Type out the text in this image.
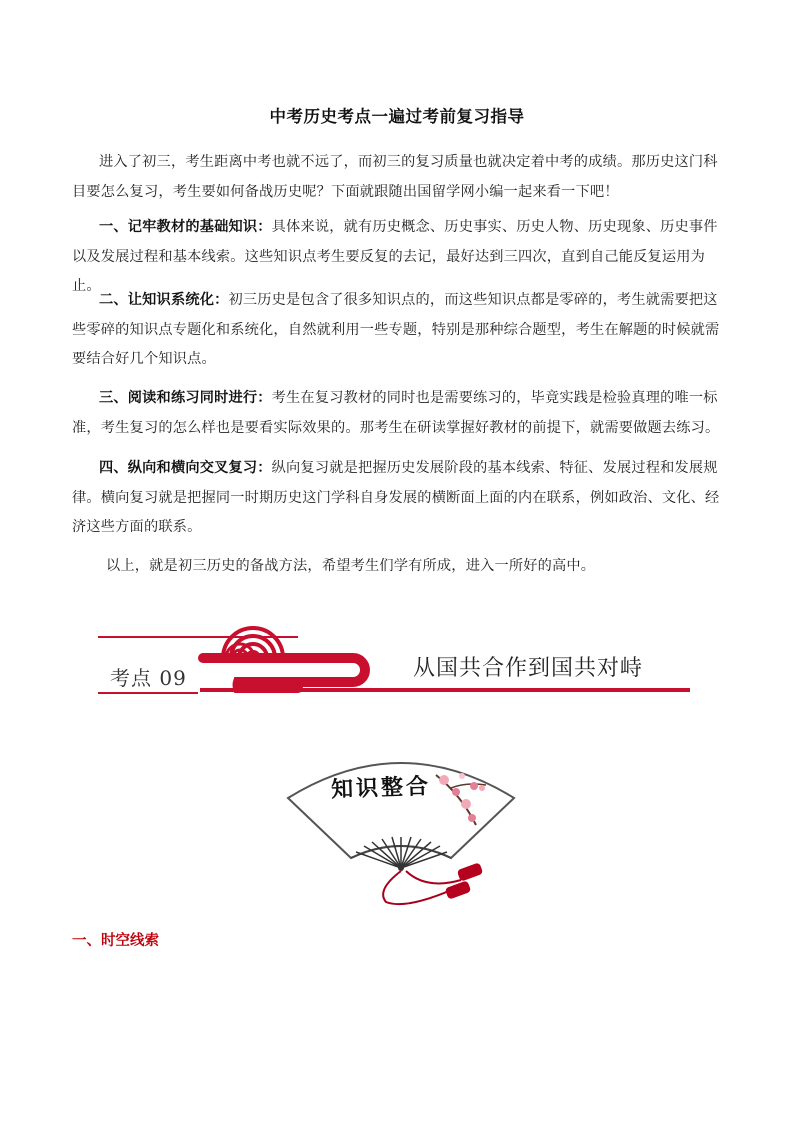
中考历史考点一遍过考前复习指导
进入了初三，考生距离中考也就不远了，而初三的复习质量也就决定着中考的成绩。那历史这门科目要怎么复习，考生要如何备战历史呢？下面就跟随出国留学网小编一起来看一下吧！
一、记牢教材的基础知识：具体来说，就有历史概念、历史事实、历史人物、历史现象、历史事件以及发展过程和基本线索。这些知识点考生要反复的去记，最好达到三四次，直到自己能反复运用为止。
二、让知识系统化：初三历史是包含了很多知识点的，而这些知识点都是零碎的，考生就需要把这些零碎的知识点专题化和系统化，自然就利用一些专题，特别是那种综合题型，考生在解题的时候就需要结合好几个知识点。
三、阅读和练习同时进行：考生在复习教材的同时也是需要练习的，毕竟实践是检验真理的唯一标准，考生复习的怎么样也是要看实际效果的。那考生在研读掌握好教材的前提下，就需要做题去练习。
四、纵向和横向交叉复习：纵向复习就是把握历史发展阶段的基本线索、特征、发展过程和发展规律。横向复习就是把握同一时期历史这门学科自身发展的横断面上面的内在联系，例如政治、文化、经济这些方面的联系。
以上，就是初三历史的备战方法，希望考生们学有所成，进入一所好的高中。
考点 09	从国共合作到国共对峙
知识整合
一、时空线索
